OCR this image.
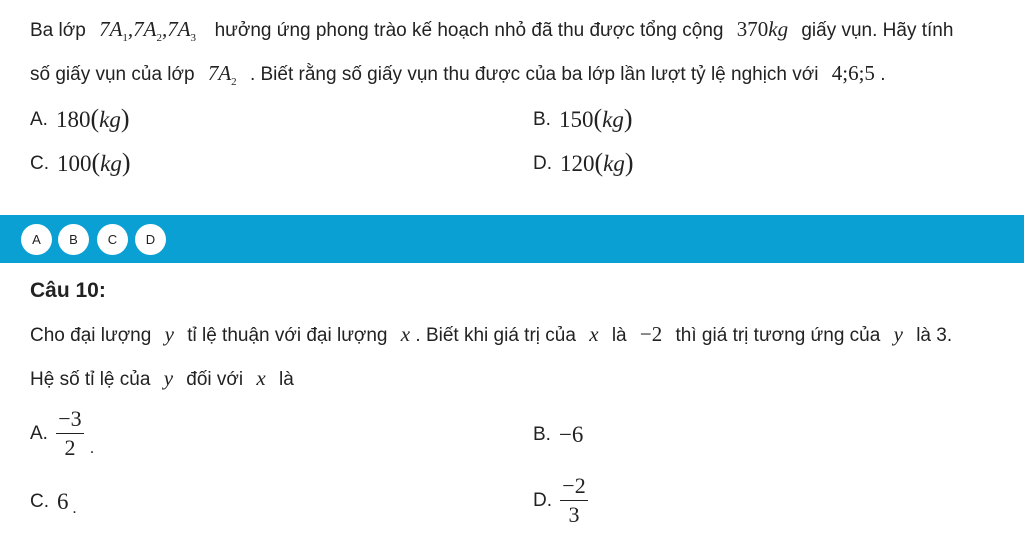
Ba lớp $7A_1,7A_2,7A_3$ hưởng ứng phong trào kế hoạch nhỏ đã thu được tổng cộng 370kg giấy vụn. Hãy tính
số giấy vụn của lớp $7A_2$ . Biết rằng số giấy vụn thu được của ba lớp lần lượt tỷ lệ nghịch với 4;6;5 .
A. 180(kg)	B. 150(kg)
C. 100(kg)	D. 120(kg)
A	B	C	D
Câu 10:
Cho đại lượng y tỉ lệ thuận với đại lượng x . Biết khi giá trị của x là −2 thì giá trị tương ứng của y là 3.
Hệ số tỉ lệ của y đối với x là
A. $\frac{-3}{2} _.$
B. −6
C. 6 $_.$	D. $\frac{-2}{3}$
